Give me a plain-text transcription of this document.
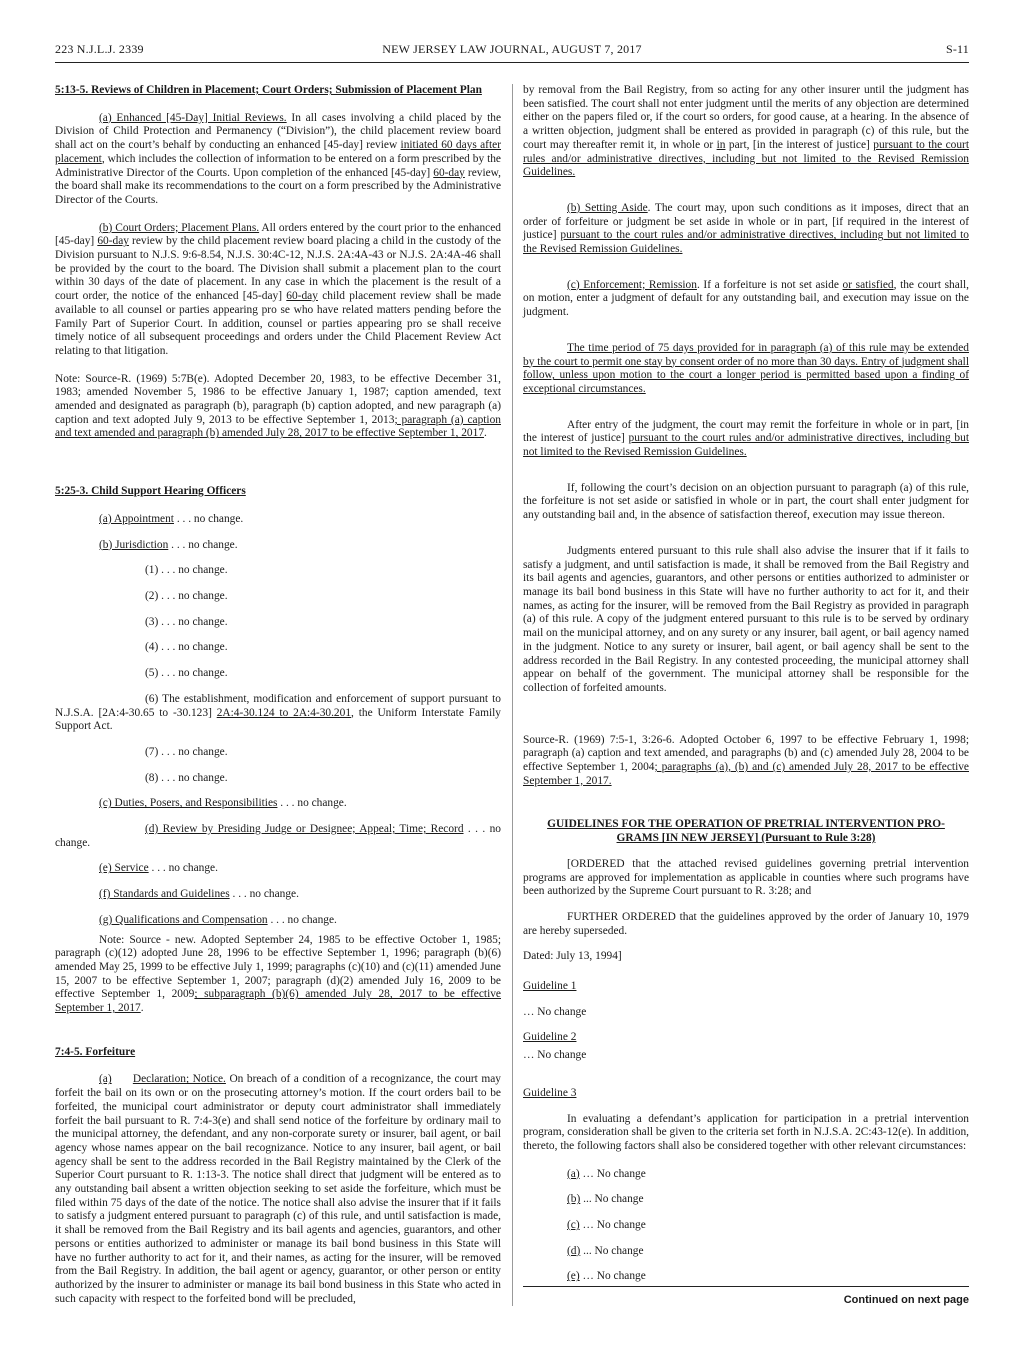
223 N.J.L.J. 2339	NEW JERSEY LAW JOURNAL, AUGUST 7, 2017	S-11

5:13-5. Reviews of Children in Placement; Court Orders; Submission of Placement Plan

(a) Enhanced [45-Day] Initial Reviews. In all cases involving a child placed by the Division of Child Protection and Permanency (“Division”), the child placement review board shall act on the court’s behalf by conducting an enhanced [45-day] review initiated 60 days after placement, which includes the collection of information to be entered on a form prescribed by the Administrative Director of the Courts. Upon completion of the enhanced [45-day] 60-day review, the board shall make its recommendations to the court on a form prescribed by the Administrative Director of the Courts.

(b) Court Orders; Placement Plans. All orders entered by the court prior to the enhanced [45-day] 60-day review by the child placement review board placing a child in the custody of the Division pursuant to N.J.S. 9:6-8.54, N.J.S. 30:4C-12, N.J.S. 2A:4A-43 or N.J.S. 2A:4A-46 shall be provided by the court to the board. The Division shall submit a placement plan to the court within 30 days of the date of placement. In any case in which the placement is the result of a court order, the notice of the enhanced [45-day] 60-day child placement review shall be made available to all counsel or parties appearing pro se who have related matters pending before the Family Part of Superior Court. In addition, counsel or parties appearing pro se shall receive timely notice of all subsequent proceedings and orders under the Child Placement Review Act relating to that litigation.

Note: Source-R. (1969) 5:7B(e). Adopted December 20, 1983, to be effective December 31, 1983; amended November 5, 1986 to be effective January 1, 1987; caption amended, text amended and designated as paragraph (b), paragraph (b) caption adopted, and new paragraph (a) caption and text adopted July 9, 2013 to be effective September 1, 2013; paragraph (a) caption and text amended and paragraph (b) amended July 28, 2017 to be effective September 1, 2017.

5:25-3. Child Support Hearing Officers

(a) Appointment . . . no change.

(b) Jurisdiction . . . no change.

(1) . . . no change.

(2) . . . no change.

(3) . . . no change.

(4) . . . no change.

(5) . . . no change.

(6) The establishment, modification and enforcement of support pursuant to N.J.S.A. [2A:4-30.65 to -30.123] 2A:4-30.124 to 2A:4-30.201, the Uniform Interstate Family Support Act.

(7) . . . no change.

(8) . . . no change.

(c) Duties, Posers, and Responsibilities . . . no change.

(d) Review by Presiding Judge or Designee; Appeal; Time; Record . . . no change.

(e) Service . . . no change.

(f) Standards and Guidelines . . . no change.

(g) Qualifications and Compensation . . . no change.

Note: Source - new. Adopted September 24, 1985 to be effective October 1, 1985; paragraph (c)(12) adopted June 28, 1996 to be effective September 1, 1996; paragraph (b)(6) amended May 25, 1999 to be effective July 1, 1999; paragraphs (c)(10) and (c)(11) amended June 15, 2007 to be effective September 1, 2007; paragraph (d)(2) amended July 16, 2009 to be effective September 1, 2009; subparagraph (b)(6) amended July 28, 2017 to be effective September 1, 2017.

7:4-5. Forfeiture

(a) Declaration; Notice. On breach of a condition of a recognizance, the court may forfeit the bail on its own or on the prosecuting attorney’s motion. If the court orders bail to be forfeited, the municipal court administrator or deputy court administrator shall immediately forfeit the bail pursuant to R. 7:4-3(e) and shall send notice of the forfeiture by ordinary mail to the municipal attorney, the defendant, and any non-corporate surety or insurer, bail agent, or bail agency whose names appear on the bail recognizance. Notice to any insurer, bail agent, or bail agency shall be sent to the address recorded in the Bail Registry maintained by the Clerk of the Superior Court pursuant to R. 1:13-3. The notice shall direct that judgment will be entered as to any outstanding bail absent a written objection seeking to set aside the forfeiture, which must be filed within 75 days of the date of the notice. The notice shall also advise the insurer that if it fails to satisfy a judgment entered pursuant to paragraph (c) of this rule, and until satisfaction is made, it shall be removed from the Bail Registry and its bail agents and agencies, guarantors, and other persons or entities authorized to administer or manage its bail bond business in this State will have no further authority to act for it, and their names, as acting for the insurer, will be removed from the Bail Registry. In addition, the bail agent or agency, guarantor, or other person or entity authorized by the insurer to administer or manage its bail bond business in this State who acted in such capacity with respect to the forfeited bond will be precluded,

by removal from the Bail Registry, from so acting for any other insurer until the judgment has been satisfied. The court shall not enter judgment until the merits of any objection are determined either on the papers filed or, if the court so orders, for good cause, at a hearing. In the absence of a written objection, judgment shall be entered as provided in paragraph (c) of this rule, but the court may thereafter remit it, in whole or in part, [in the interest of justice] pursuant to the court rules and/or administrative directives, including but not limited to the Revised Remission Guidelines.

(b) Setting Aside. The court may, upon such conditions as it imposes, direct that an order of forfeiture or judgment be set aside in whole or in part, [if required in the interest of justice] pursuant to the court rules and/or administrative directives, including but not limited to the Revised Remission Guidelines.

(c) Enforcement; Remission. If a forfeiture is not set aside or satisfied, the court shall, on motion, enter a judgment of default for any outstanding bail, and execution may issue on the judgment.

The time period of 75 days provided for in paragraph (a) of this rule may be extended by the court to permit one stay by consent order of no more than 30 days. Entry of judgment shall follow, unless upon motion to the court a longer period is permitted based upon a finding of exceptional circumstances.

After entry of the judgment, the court may remit the forfeiture in whole or in part, [in the interest of justice] pursuant to the court rules and/or administrative directives, including but not limited to the Revised Remission Guidelines.

If, following the court’s decision on an objection pursuant to paragraph (a) of this rule, the forfeiture is not set aside or satisfied in whole or in part, the court shall enter judgment for any outstanding bail and, in the absence of satisfaction thereof, execution may issue thereon.

Judgments entered pursuant to this rule shall also advise the insurer that if it fails to satisfy a judgment, and until satisfaction is made, it shall be removed from the Bail Registry and its bail agents and agencies, guarantors, and other persons or entities authorized to administer or manage its bail bond business in this State will have no further authority to act for it, and their names, as acting for the insurer, will be removed from the Bail Registry as provided in paragraph (a) of this rule. A copy of the judgment entered pursuant to this rule is to be served by ordinary mail on the municipal attorney, and on any surety or any insurer, bail agent, or bail agency named in the judgment. Notice to any surety or insurer, bail agent, or bail agency shall be sent to the address recorded in the Bail Registry. In any contested proceeding, the municipal attorney shall appear on behalf of the government. The municipal attorney shall be responsible for the collection of forfeited amounts.

Source-R. (1969) 7:5-1, 3:26-6. Adopted October 6, 1997 to be effective February 1, 1998; paragraph (a) caption and text amended, and paragraphs (b) and (c) amended July 28, 2004 to be effective September 1, 2004; paragraphs (a), (b) and (c) amended July 28, 2017 to be effective September 1, 2017.

GUIDELINES FOR THE OPERATION OF PRETRIAL INTERVENTION PRO-

GRAMS [IN NEW JERSEY] (Pursuant to Rule 3:28)

[ORDERED that the attached revised guidelines governing pretrial intervention programs are approved for implementation as applicable in counties where such programs have been authorized by the Supreme Court pursuant to R. 3:28; and

FURTHER ORDERED that the guidelines approved by the order of January 10, 1979 are hereby superseded.

Dated: July 13, 1994]

Guideline 1

… No change

Guideline 2

… No change

Guideline 3

In evaluating a defendant’s application for participation in a pretrial intervention program, consideration shall be given to the criteria set forth in N.J.S.A. 2C:43-12(e). In addition, thereto, the following factors shall also be considered together with other relevant circumstances:

(a) … No change

(b) ... No change

(c) … No change

(d) ... No change

(e) … No change

Continued on next page
